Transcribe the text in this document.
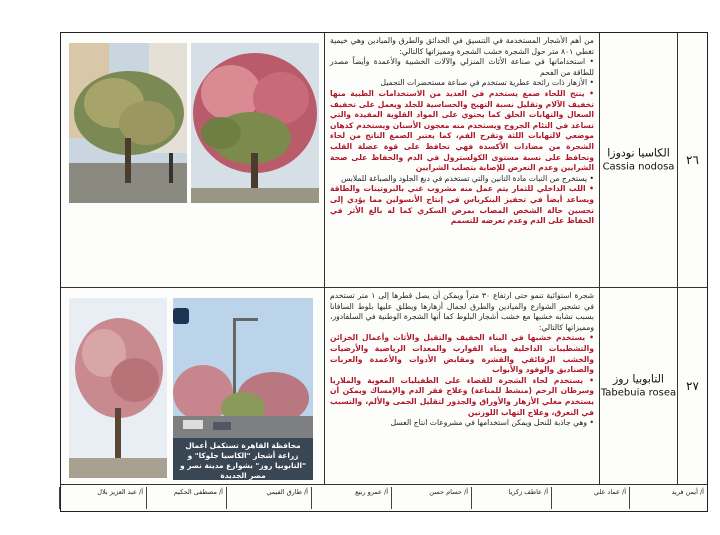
٢٦
الكاسيا نودوزا
Cassia nodosa

من أهم الأشجار المستخدمة في التنسيق في الحدائق والطرق والميادين وهي خيمية تغطي ٨٠١ متر حول الشجرة خشب الشجرة ومميزاتها كالتالي:

• استخداماتها في صناعة الأثاث المنزلي والآلات الخشبية والأعمدة وأيضاً مصدر للطاقة من الفحم

• الأزهار ذات رائحة عطرية تستخدم في صناعة مستحضرات التجميل

• ينتج اللحاء صمغ يستخدم في العديد من الاستخدامات الطبية منها تخفيف الآلام وتقليل نسبة التهيج والحساسية للجلد ويعمل على تخفيف السعال والتهابات الحلق كما يحتوي على المواد القلوية المفيدة والتي تساعد في التئام الجروح ويستخدم منه معجون الأسنان ويستخدم كدهان موضعي لالتهابات اللثة وتقرح الفم، كما يعتبر الصمغ الناتج من لحاء الشجرة من مضادات الأكسدة فهي تحافظ على قوة عضلة القلب وتحافظ على نسبة مستوى الكولسترول في الدم والحفاظ على صحة الشرايين وعدم التعرض للإصابة بتصلب الشرايين

• يستخرج من النبات مادة التانين والتي تستخدم في دبغ الجلود والصباغة للملابس

• اللب الداخلي للثمار يتم عمل منه مشروب غني بالبروتينات والطاقة ويساعد أيضاً في تحفيز البنكرياس في إنتاج الأنسولين مما يؤدي إلى تحسين حالة الشخص المصاب بمرض السكري كما له بالغ الأثر في الحفاظ على الدم وعدم تعرضه للتسمم

٢٧
التابوبيا روز
Tabebuia rosea

شجرة استوائية تنمو حتى ارتفاع ٣٠ متراً ويمكن أن يصل قطرها إلى ١ متر تستخدم في تشجير الشوارع والميادين والطرق لجمال أزهارها ويطلق عليها بلوط السافانا بسبب تشابه خشبها مع خشب أشجار البلوط كما أنها الشجرة الوطنية في السلفادور، ومميزاتها كالتالي:

• يستخدم خشبها في البناء الخفيف والتقيل والأثاث وأعمال الخزائن والتشطيبات الداخلية وبناء القوارب والمعدات الرياضية والأرضيات والخشب الرقائقي والقشرة ومقابض الأدوات والأعمدة والعربات والصناديق والوفود والأبواب

• يستخدم لحاء الشجرة للقضاء على الطفيليات المعوية والملاريا وسرطان الرحم (منشط للمناعة) وعلاج فقر الدم والإمساك ويمكن أن يستخدم مغلي الأزهار والأوراق والجذور لتقليل الحمى والألم، والتسبب في التعرق، وعلاج التهاب اللوزتين

• وهي جاذبة للنحل ويمكن استخدامها في مشروعات انتاج العسل

محافظة القاهرة تستكمل أعمال زراعة أشجار "الكاسيا جلوكا" و "التابوبيا روز" بشوارع مدينة نصر و مصر الجديدة
أ/ أيمن فريد
أ/ عماد علي
أ/ عاطف زكريا
أ/ حسام حسن
أ/ عمرو ربيع
أ/ طارق الفيمي
أ/ مصطفى الحكيم
أ/ عبد العزيز بلال
